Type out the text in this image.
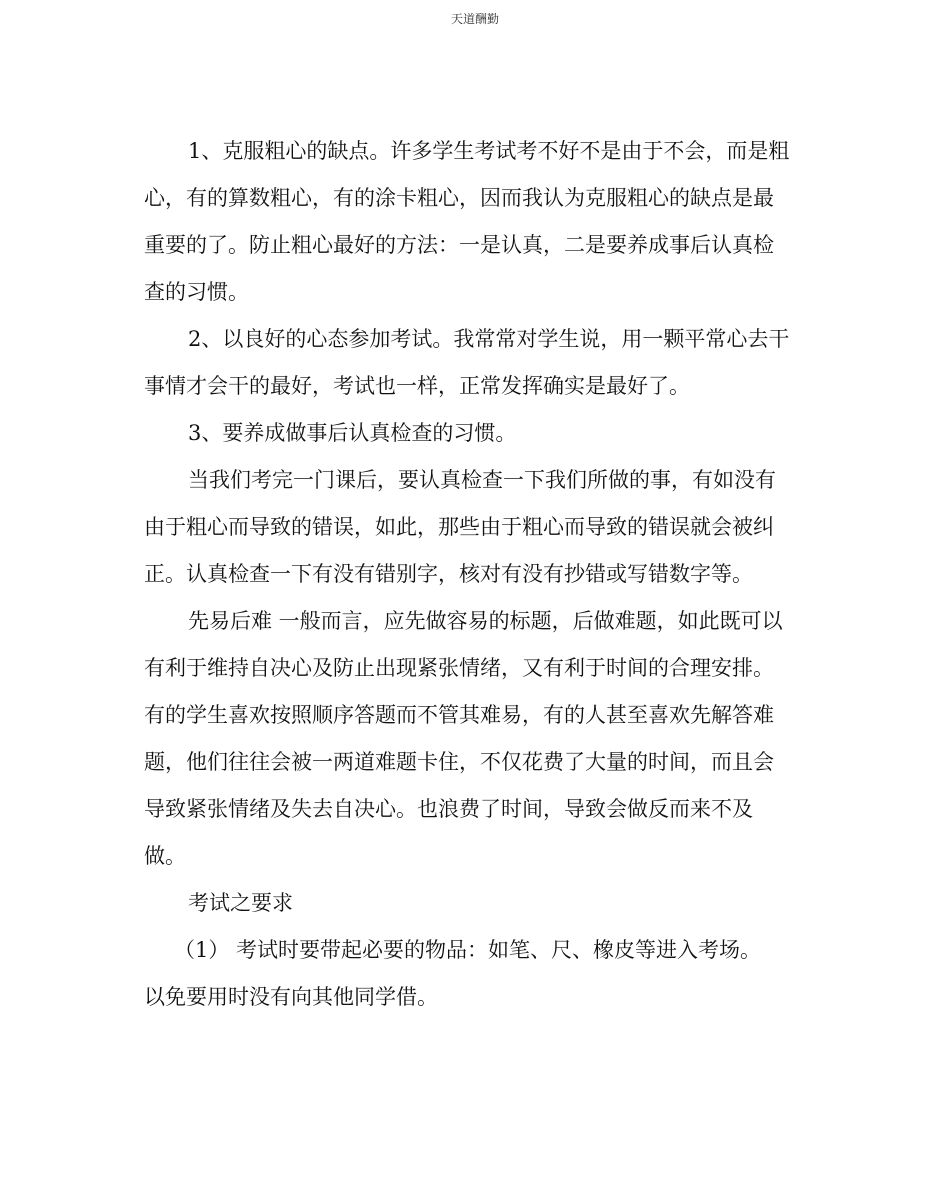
天道酬勤
1、克服粗心的缺点。许多学生考试考不好不是由于不会，而是粗
心，有的算数粗心，有的涂卡粗心，因而我认为克服粗心的缺点是最
重要的了。防止粗心最好的方法：一是认真，二是要养成事后认真检
查的习惯。
2、以良好的心态参加考试。我常常对学生说，用一颗平常心去干
事情才会干的最好，考试也一样，正常发挥确实是最好了。
3、要养成做事后认真检查的习惯。
当我们考完一门课后，要认真检查一下我们所做的事，有如没有
由于粗心而导致的错误，如此，那些由于粗心而导致的错误就会被纠
正。认真检查一下有没有错别字，核对有没有抄错或写错数字等。
先易后难 一般而言，应先做容易的标题，后做难题，如此既可以
有利于维持自决心及防止出现紧张情绪，又有利于时间的合理安排。
有的学生喜欢按照顺序答题而不管其难易，有的人甚至喜欢先解答难
题，他们往往会被一两道难题卡住，不仅花费了大量的时间，而且会
导致紧张情绪及失去自决心。也浪费了时间，导致会做反而来不及
做。
考试之要求
（1） 考试时要带起必要的物品：如笔、尺、橡皮等进入考场。
以免要用时没有向其他同学借。
